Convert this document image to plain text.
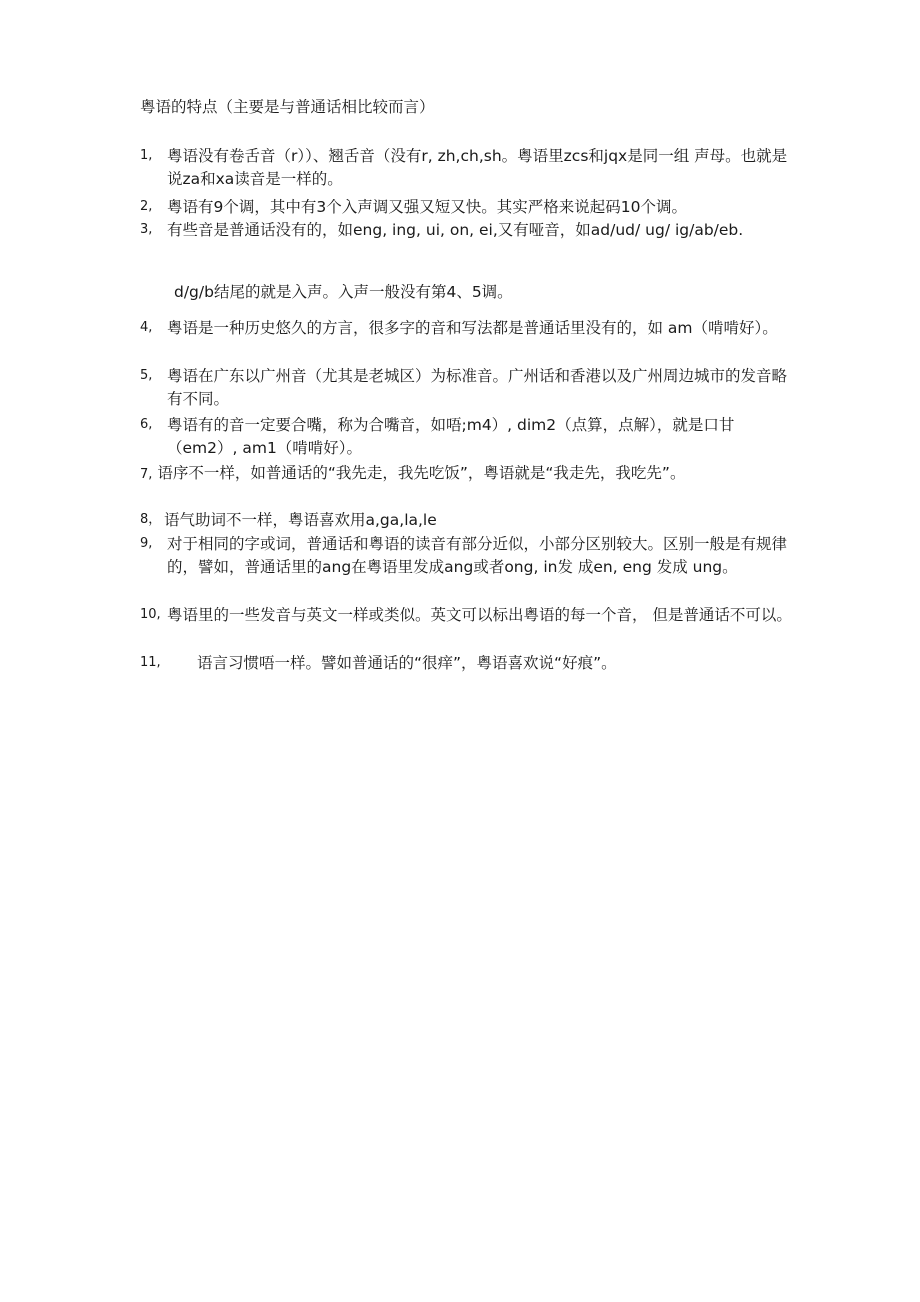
粤语的特点（主要是与普通话相比较而言）
1, 粤语没有卷舌音（r））、翘舌音（没有r, zh,ch,sh。粤语里zcs和jqx是同一组 声母。也就是说za和xa读音是一样的。
2, 粤语有9个调，其中有3个入声调又强又短又快。其实严格来说起码10个调。
3, 有些音是普通话没有的，如eng, ing, ui, on, ei,又有哑音，如ad/ud/ ug/ ig/ab/eb.
d/g/b结尾的就是入声。入声一般没有第4、5调。
4, 粤语是一种历史悠久的方言，很多字的音和写法都是普通话里没有的，如 am（啃啃好）。
5, 粤语在广东以广州音（尤其是老城区）为标准音。广州话和香港以及广州周边城市的发音略有不同。
6, 粤语有的音一定要合嘴，称为合嘴音，如唔;m4）, dim2（点算，点解），就是口甘 （em2）, am1（啃啃好）。
7, 语序不一样，如普通话的“我先走，我先吃饭”，粤语就是“我走先，我吃先”。
8， 语气助词不一样，粤语喜欢用a,ga,la,le
9, 对于相同的字或词，普通话和粤语的读音有部分近似，小部分区别较大。区别一般是有规律的，譬如，普通话里的ang在粤语里发成ang或者ong, in发 成en, eng 发成 ung。
10, 粤语里的一些发音与英文一样或类似。英文可以标出粤语的每一个音， 但是普通话不可以。
11,	语言习惯唔一样。譬如普通话的“很痒”，粤语喜欢说“好痕”。
